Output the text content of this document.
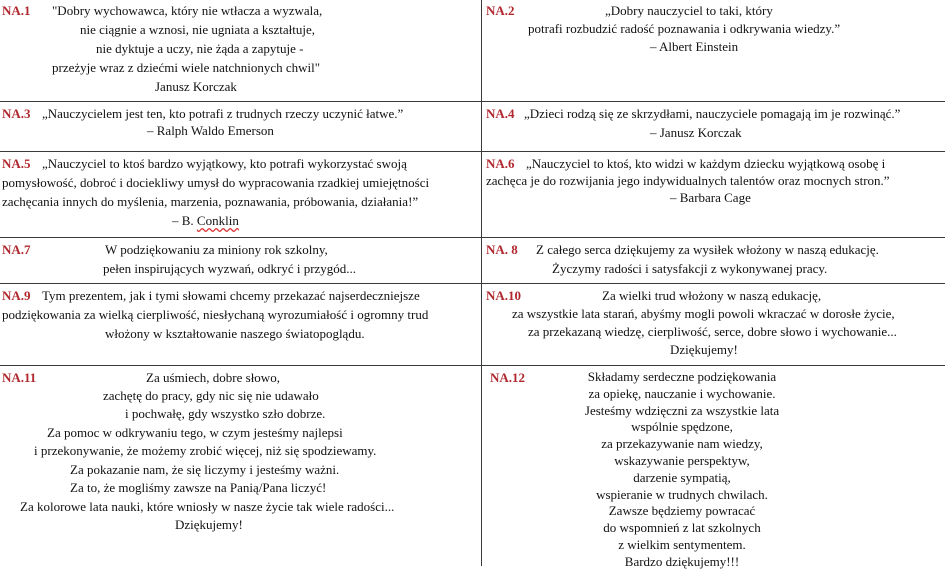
NA.1 "Dobry wychowawca, który nie wtłacza a wyzwala,
nie ciągnie a wznosi, nie ugniata a kształtuje,
nie dyktuje a uczy, nie żąda a zapytuje -
przeżyje wraz z dziećmi wiele natchnionych chwil"
Janusz Korczak
NA.2	„Dobry nauczyciel to taki, który
potrafi rozbudzić radość poznawania i odkrywania wiedzy.”
– Albert Einstein
NA.3 „Nauczycielem jest ten, kto potrafi z trudnych rzeczy uczynić łatwe.”
– Ralph Waldo Emerson
NA.4 „Dzieci rodzą się ze skrzydłami, nauczyciele pomagają im je rozwinąć.”
– Janusz Korczak
NA.5 „Nauczyciel to ktoś bardzo wyjątkowy, kto potrafi wykorzystać swoją
pomysłowość, dobroć i dociekliwy umysł do wypracowania rzadkiej umiejętności
zachęcania innych do myślenia, marzenia, poznawania, próbowania, działania!”
– B. Conklin
NA.6 „Nauczyciel to ktoś, kto widzi w każdym dziecku wyjątkową osobę i
zachęca je do rozwijania jego indywidualnych talentów oraz mocnych stron.”
– Barbara Cage
NA.7	W podziękowaniu za miniony rok szkolny,
pełen inspirujących wyzwań, odkryć i przygód...
NA. 8 Z całego serca dziękujemy za wysiłek włożony w naszą edukację.
Życzymy radości i satysfakcji z wykonywanej pracy.
NA.9 Tym prezentem, jak i tymi słowami chcemy przekazać najserdeczniejsze
podziękowania za wielką cierpliwość, niesłychaną wyrozumiałość i ogromny trud
włożony w kształtowanie naszego światopoglądu.
NA.10	Za wielki trud włożony w naszą edukację,
za wszystkie lata starań, abyśmy mogli powoli wkraczać w dorosłe życie,
za przekazaną wiedzę, cierpliwość, serce, dobre słowo i wychowanie...
Dziękujemy!
NA.11	Za uśmiech, dobre słowo,
zachętę do pracy, gdy nic się nie udawało
i pochwałę, gdy wszystko szło dobrze.
Za pomoc w odkrywaniu tego, w czym jesteśmy najlepsi
i przekonywanie, że możemy zrobić więcej, niż się spodziewamy.
Za pokazanie nam, że się liczymy i jesteśmy ważni.
Za to, że mogliśmy zawsze na Panią/Pana liczyć!
Za kolorowe lata nauki, które wniosły w nasze życie tak wiele radości...
Dziękujemy!
NA.12	Składamy serdeczne podziękowania
za opiekę, nauczanie i wychowanie.
Jesteśmy wdzięczni za wszystkie lata
wspólnie spędzone,
za przekazywanie nam wiedzy,
wskazywanie perspektyw,
darzenie sympatią,
wspieranie w trudnych chwilach.
Zawsze będziemy powracać
do wspomnień z lat szkolnych
z wielkim sentymentem.
Bardzo dziękujemy!!!
